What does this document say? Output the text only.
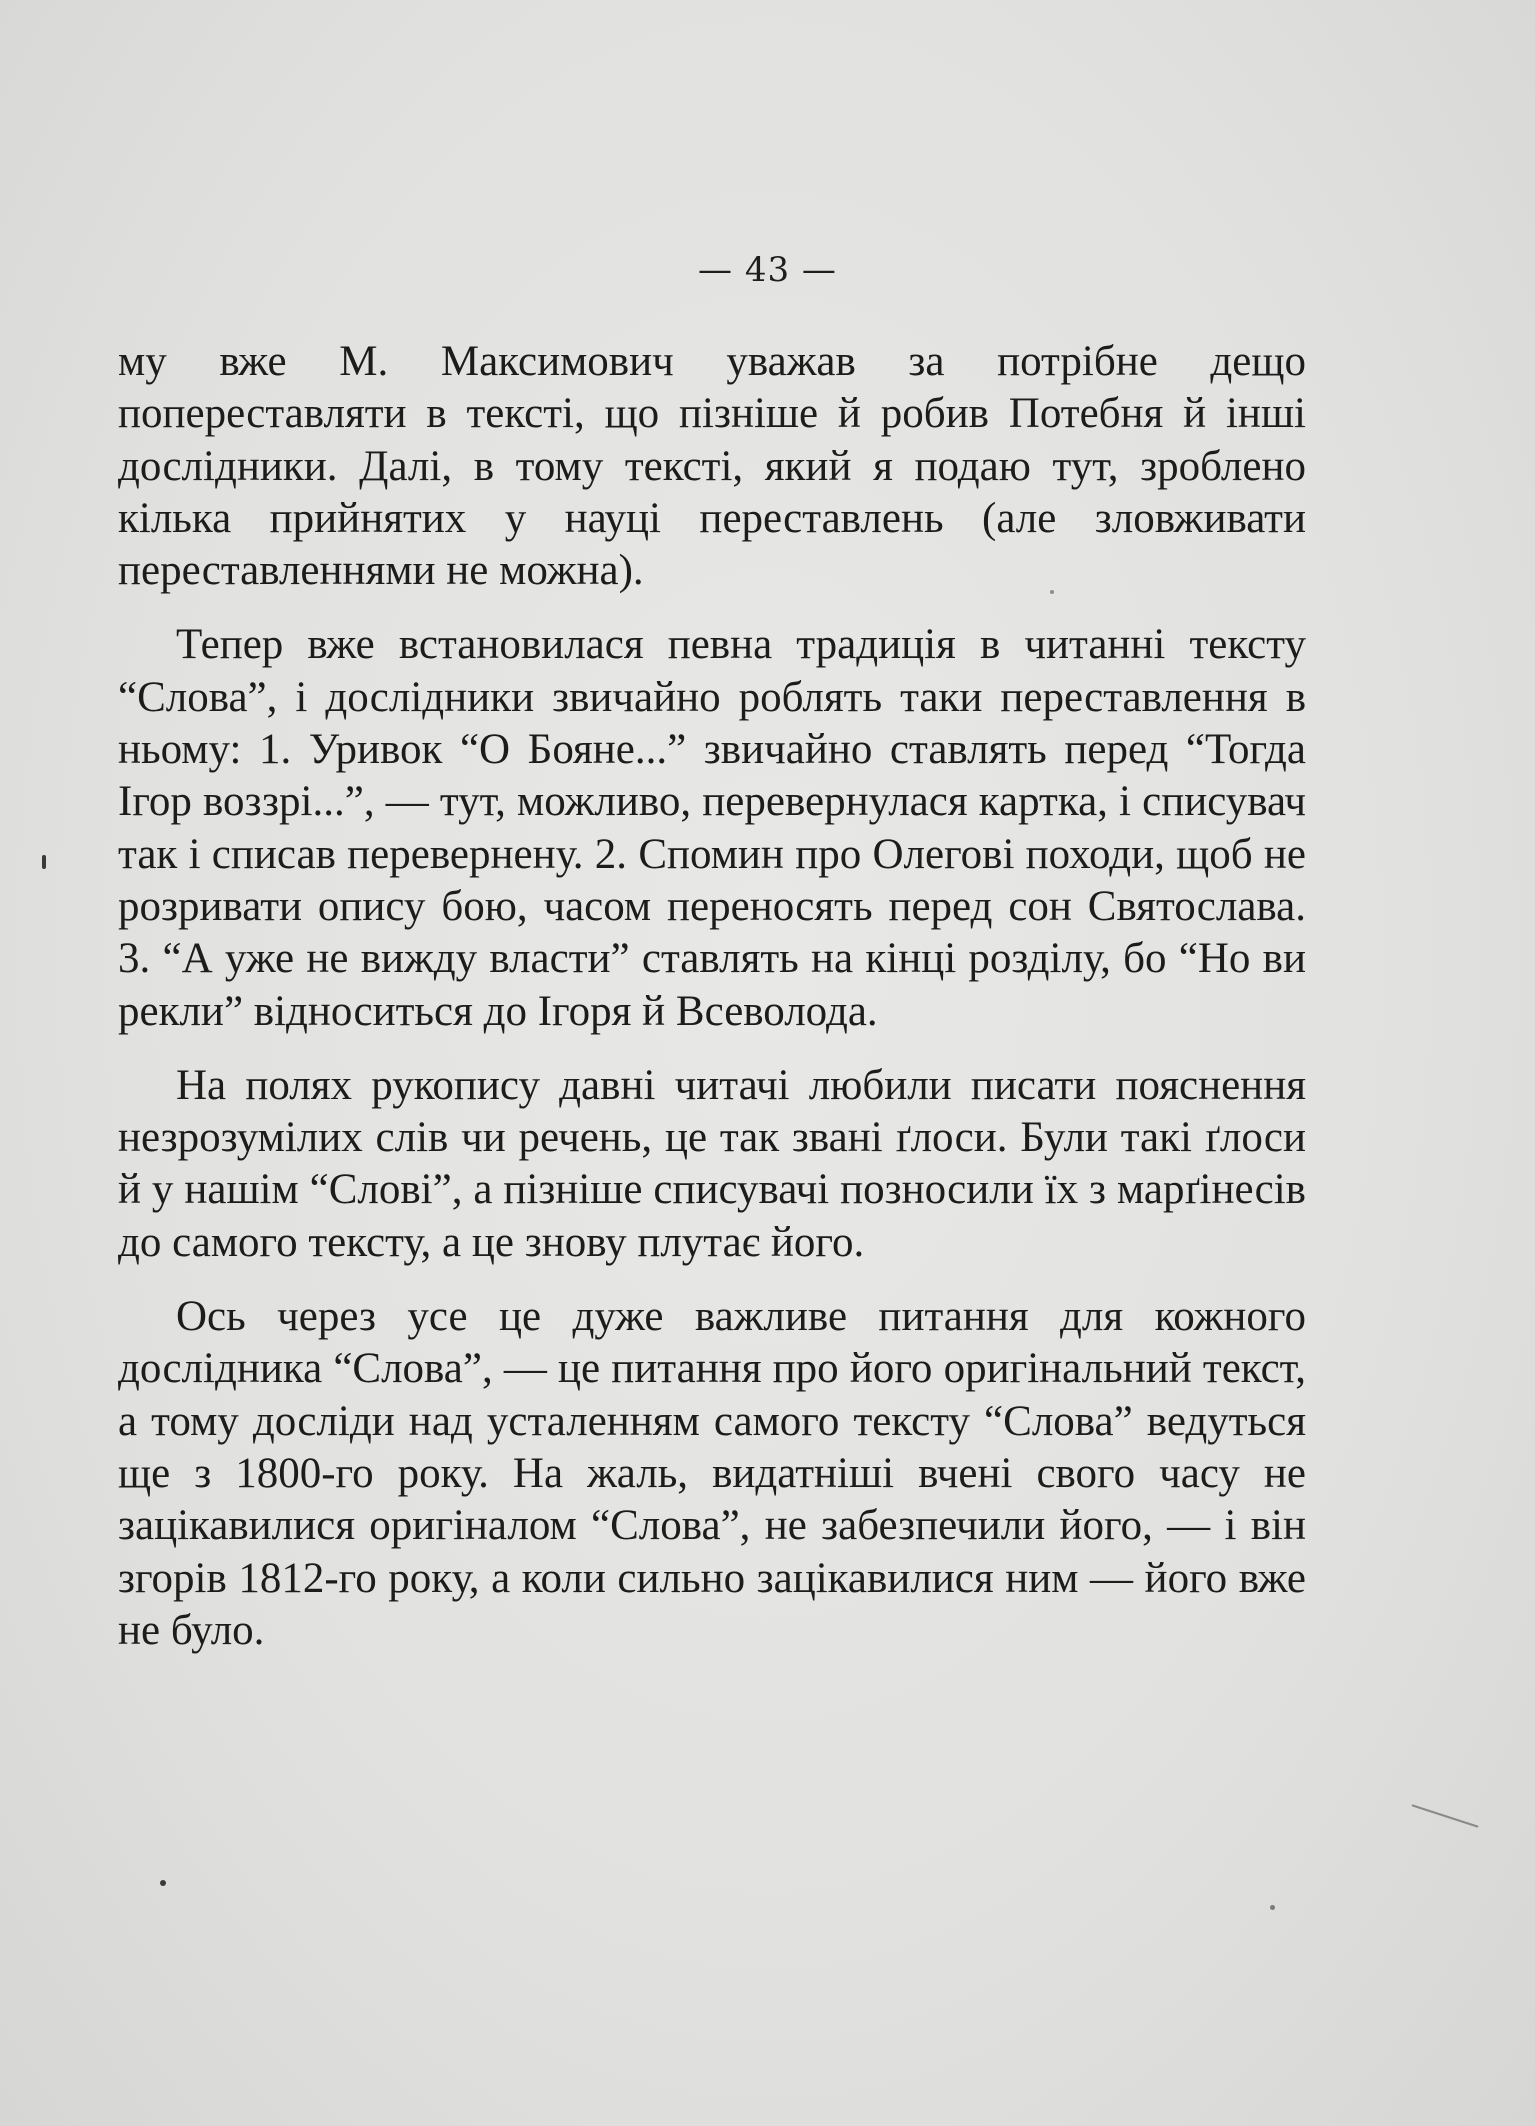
— 43 —

му вже М. Максимович уважав за потрібне дещо попереставляти в тексті, що пізніше й робив Потебня й інші дослідники. Далі, в тому тексті, який я подаю тут, зроблено кілька прийнятих у науці переставлень (але зловживати переставленнями не можна).

Тепер вже встановилася певна традиція в читанні тексту “Слова”, і дослідники звичайно роблять таки переставлення в ньому: 1. Уривок “О Бояне...” звичайно ставлять перед “Тогда Ігор воззрі...”, — тут, можливо, перевернулася картка, і списувач так і списав перевернену. 2. Спомин про Олегові походи, щоб не розривати опису бою, часом переносять перед сон Святослава. 3. “А уже не вижду власти” ставлять на кінці розділу, бо “Но ви рекли” відноситься до Ігоря й Всеволода.

На полях рукопису давні читачі любили писати пояснення незрозумілих слів чи речень, це так звані ґлоси. Були такі ґлоси й у нашім “Слові”, а пізніше списувачі позносили їх з марґінесів до самого тексту, а це знову плутає його.

Ось через усе це дуже важливе питання для кожного дослідника “Слова”, — це питання про його оригінальний текст, а тому досліди над усталенням самого тексту “Слова” ведуться ще з 1800-го року. На жаль, видатніші вчені свого часу не зацікавилися оригіналом “Слова”, не забезпечили його, — і він згорів 1812-го року, а коли сильно зацікавилися ним — його вже не було.
